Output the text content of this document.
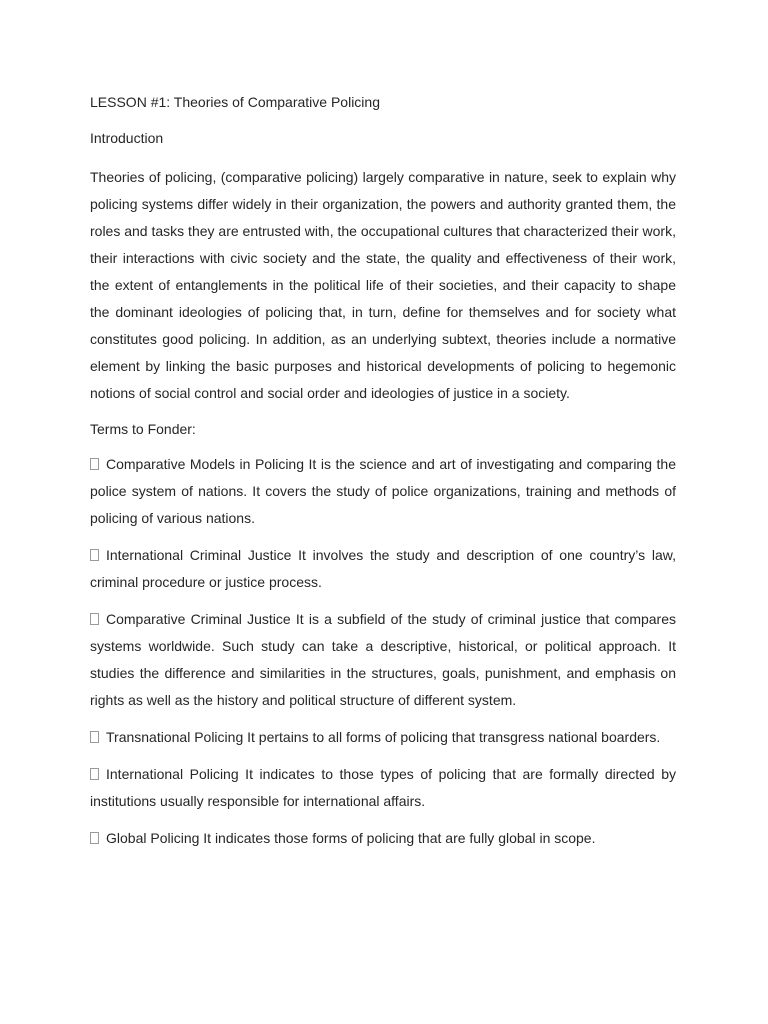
LESSON #1: Theories of Comparative Policing
Introduction
Theories of policing, (comparative policing) largely comparative in nature, seek to explain why policing systems differ widely in their organization, the powers and authority granted them, the roles and tasks they are entrusted with, the occupational cultures that characterized their work, their interactions with civic society and the state, the quality and effectiveness of their work, the extent of entanglements in the political life of their societies, and their capacity to shape the dominant ideologies of policing that, in turn, define for themselves and for society what constitutes good policing. In addition, as an underlying subtext, theories include a normative element by linking the basic purposes and historical developments of policing to hegemonic notions of social control and social order and ideologies of justice in a society.
Terms to Fonder:
Comparative Models in Policing It is the science and art of investigating and comparing the police system of nations. It covers the study of police organizations, training and methods of policing of various nations.
International Criminal Justice It involves the study and description of one country’s law, criminal procedure or justice process.
Comparative Criminal Justice It is a subfield of the study of criminal justice that compares systems worldwide. Such study can take a descriptive, historical, or political approach. It studies the difference and similarities in the structures, goals, punishment, and emphasis on rights as well as the history and political structure of different system.
Transnational Policing It pertains to all forms of policing that transgress national boarders.
International Policing It indicates to those types of policing that are formally directed by institutions usually responsible for international affairs.
Global Policing It indicates those forms of policing that are fully global in scope.
